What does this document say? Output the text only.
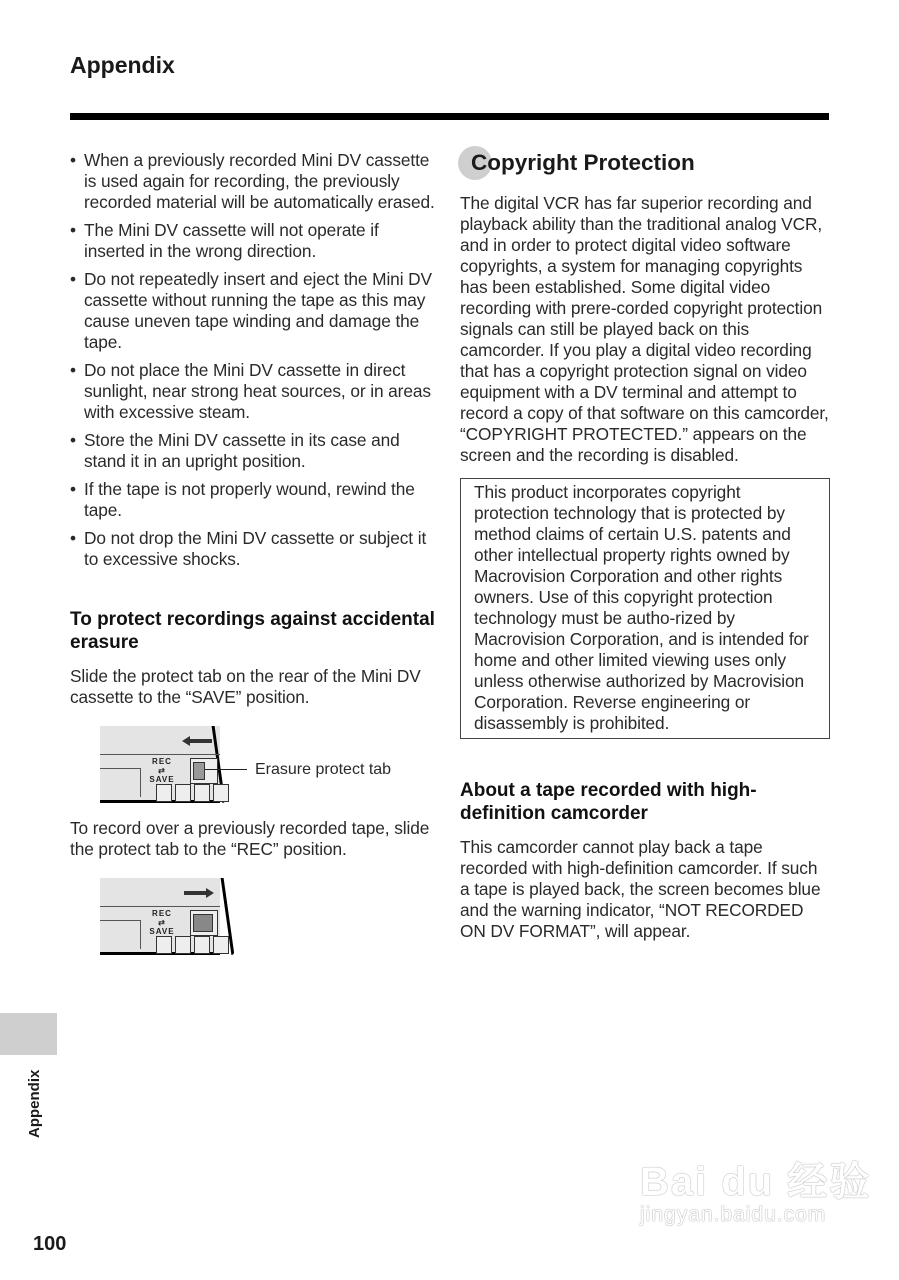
Appendix
• When a previously recorded Mini DV cassette is used again for recording, the previously recorded material will be automatically erased.
• The Mini DV cassette will not operate if inserted in the wrong direction.
• Do not repeatedly insert and eject the Mini DV cassette without running the tape as this may cause uneven tape winding and damage the tape.
• Do not place the Mini DV cassette in direct sunlight, near strong heat sources, or in areas with excessive steam.
• Store the Mini DV cassette in its case and stand it in an upright position.
• If the tape is not properly wound, rewind the tape.
• Do not drop the Mini DV cassette or subject it to excessive shocks.
To protect recordings against accidental erasure

Slide the protect tab on the rear of the Mini DV cassette to the “SAVE” position.

REC
⇄
SAVE
Erasure protect tab

To record over a previously recorded tape, slide the protect tab to the “REC” position.

REC
⇄
SAVE
Copyright Protection

The digital VCR has far superior recording and playback ability than the traditional analog VCR, and in order to protect digital video software copyrights, a system for managing copyrights has been established. Some digital video recording with prere-corded copyright protection signals can still be played back on this camcorder. If you play a digital video recording that has a copyright protection signal on video equipment with a DV terminal and attempt to record a copy of that software on this camcorder, “COPYRIGHT PROTECTED.” appears on the screen and the recording is disabled.

This product incorporates copyright protection technology that is protected by method claims of certain U.S. patents and other intellectual property rights owned by Macrovision Corporation and other rights owners. Use of this copyright protection technology must be autho-rized by Macrovision Corporation, and is intended for home and other limited viewing uses only unless otherwise authorized by Macrovision Corporation. Reverse engineering or disassembly is prohibited.
About a tape recorded with high-definition camcorder

This camcorder cannot play back a tape recorded with high-definition camcorder. If such a tape is played back, the screen becomes blue and the warning indicator, “NOT RECORDED ON DV FORMAT”, will appear.

Appendix
100
Bai du 经验
jingyan.baidu.com
